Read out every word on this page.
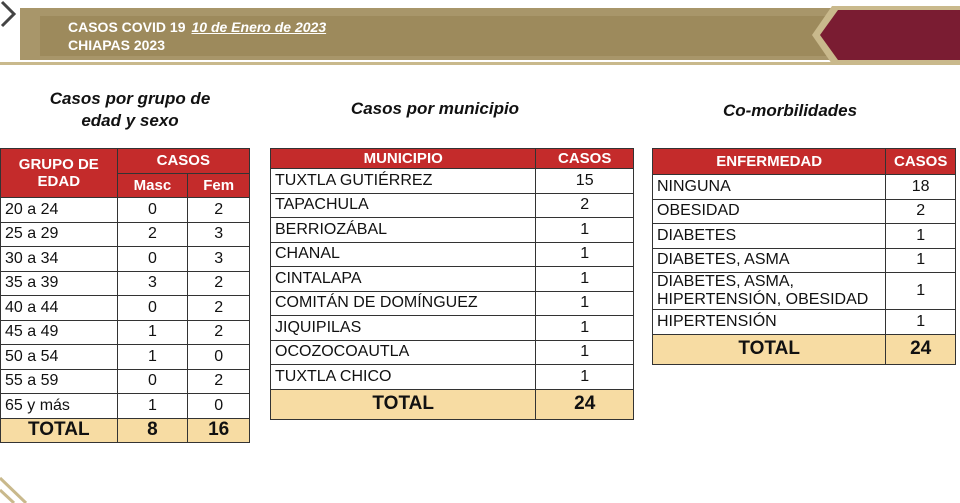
CASOS COVID 19 10 de Enero de 2023
CHIAPAS 2023
Casos por grupo de
edad y sexo
Casos por municipio	Co-morbilidades
GRUPO DE
EDAD	CASOS	
	Masc	Fem
20 a 24	0	2
25 a 29	2	3
30 a 34	0	3
35 a 39	3	2
40 a 44	0	2
45 a 49	1	2
50 a 54	1	0
55 a 59	0	2
65 y más	1	0
TOTAL	8	16
MUNICIPIO	CASOS
TUXTLA GUTIÉRREZ	15
TAPACHULA	2
BERRIOZÁBAL	1
CHANAL	1
CINTALAPA	1
COMITÁN DE DOMÍNGUEZ	1
JIQUIPILAS	1
OCOZOCOAUTLA	1
TUXTLA CHICO	1
TOTAL	24
ENFERMEDAD	CASOS

NINGUNA	18

OBESIDAD	2

DIABETES	1

DIABETES, ASMA	1

DIABETES, ASMA,
HIPERTENSIÓN, OBESIDAD	1

HIPERTENSIÓN	1
TOTAL	24
